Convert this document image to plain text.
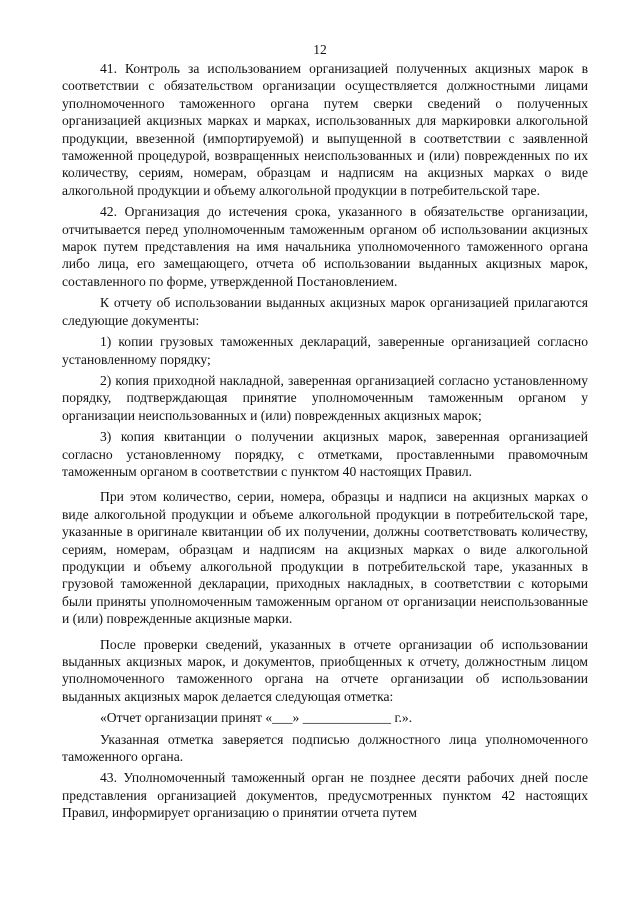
12

41. Контроль за использованием организацией полученных акцизных марок в соответствии с обязательством организации осуществляется должностными лицами уполномоченного таможенного органа путем сверки сведений о полученных организацией акцизных марках и марках, использованных для маркировки алкогольной продукции, ввезенной (импортируемой) и выпущенной в соответствии с заявленной таможенной процедурой, возвращенных неиспользованных и (или) поврежденных по их количеству, сериям, номерам, образцам и надписям на акцизных марках о виде алкогольной продукции и объему алкогольной продукции в потребительской таре.

42. Организация до истечения срока, указанного в обязательстве организации, отчитывается перед уполномоченным таможенным органом об использовании акцизных марок путем представления на имя начальника уполномоченного таможенного органа либо лица, его замещающего, отчета об использовании выданных акцизных марок, составленного по форме, утвержденной Постановлением.

К отчету об использовании выданных акцизных марок организацией прилагаются следующие документы:

1) копии грузовых таможенных деклараций, заверенные организацией согласно установленному порядку;

2) копия приходной накладной, заверенная организацией согласно установленному порядку, подтверждающая принятие уполномоченным таможенным органом у организации неиспользованных и (или) поврежденных акцизных марок;

3) копия квитанции о получении акцизных марок, заверенная организацией согласно установленному порядку, с отметками, проставленными правомочным таможенным органом в соответствии с пунктом 40 настоящих Правил.

При этом количество, серии, номера, образцы и надписи на акцизных марках о виде алкогольной продукции и объеме алкогольной продукции в потребительской таре, указанные в оригинале квитанции об их получении, должны соответствовать количеству, сериям, номерам, образцам и надписям на акцизных марках о виде алкогольной продукции и объему алкогольной продукции в потребительской таре, указанных в грузовой таможенной декларации, приходных накладных, в соответствии с которыми были приняты уполномоченным таможенным органом от организации неиспользованные и (или) поврежденные акцизные марки.

После проверки сведений, указанных в отчете организации об использовании выданных акцизных марок, и документов, приобщенных к отчету, должностным лицом уполномоченного таможенного органа на отчете организации об использовании выданных акцизных марок делается следующая отметка:

«Отчет организации принят «___» _____________ г.».

Указанная отметка заверяется подписью должностного лица уполномоченного таможенного органа.

43. Уполномоченный таможенный орган не позднее десяти рабочих дней после представления организацией документов, предусмотренных пунктом 42 настоящих Правил, информирует организацию о принятии отчета путем
